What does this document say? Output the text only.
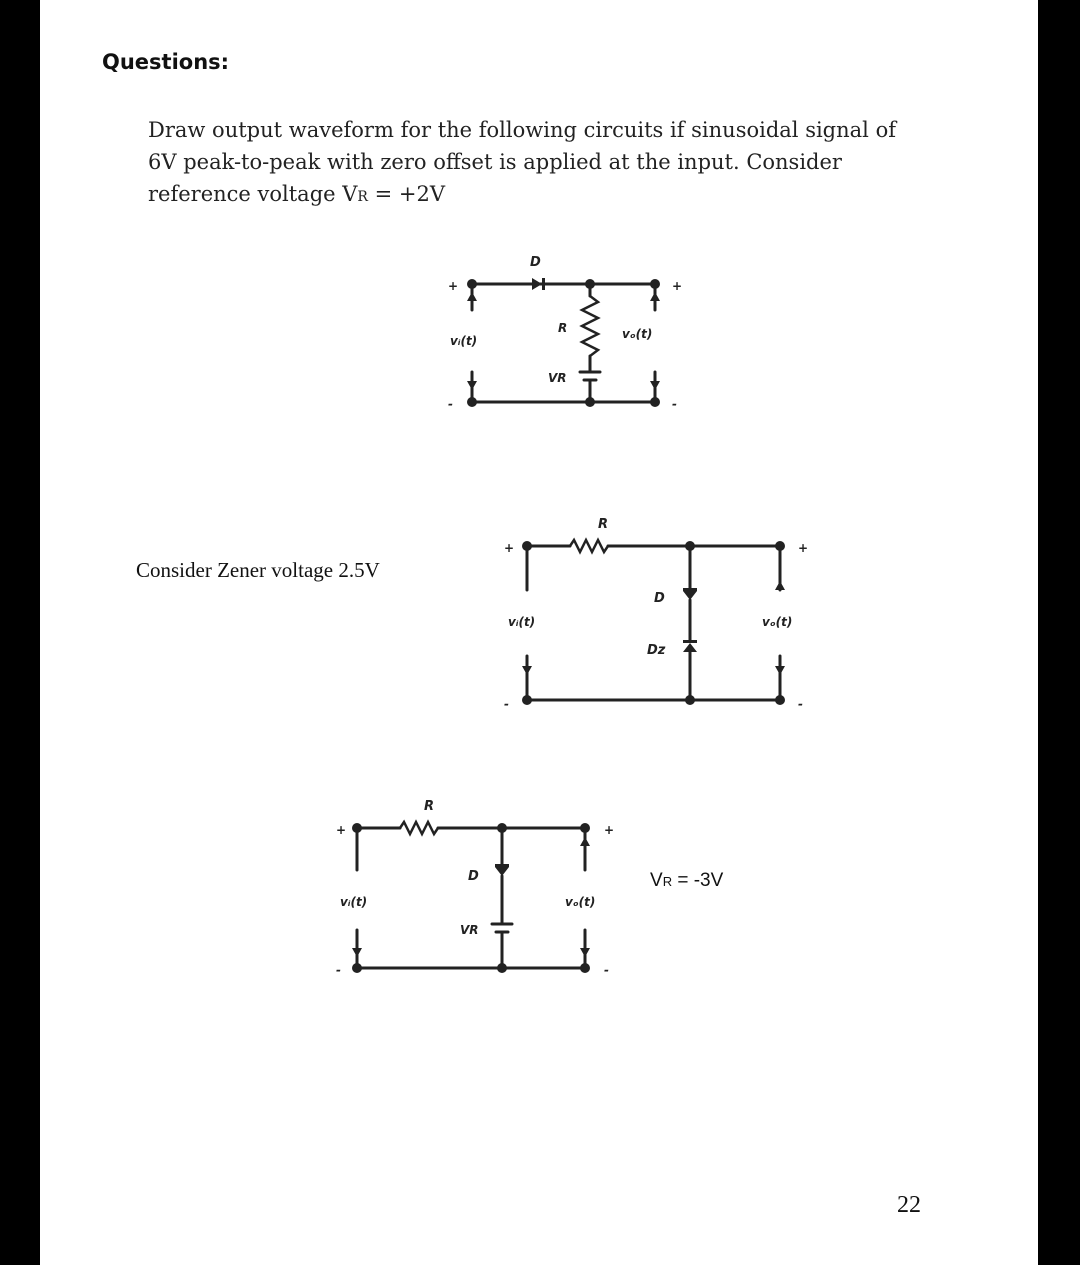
Questions:
Draw output waveform for the following circuits if sinusoidal signal of
6V peak-to-peak with zero offset is applied at the input. Consider
reference voltage VR = +2V
Consider Zener voltage 2.5V
VR = -3V
22
D
R
VR
vᵢ(t)	vₒ(t)
+
-
+
-
R
D
Dz
vᵢ(t)	vₒ(t)
+
-
+
-
R
D
VR
vᵢ(t)	vₒ(t)
+
-
+
-
